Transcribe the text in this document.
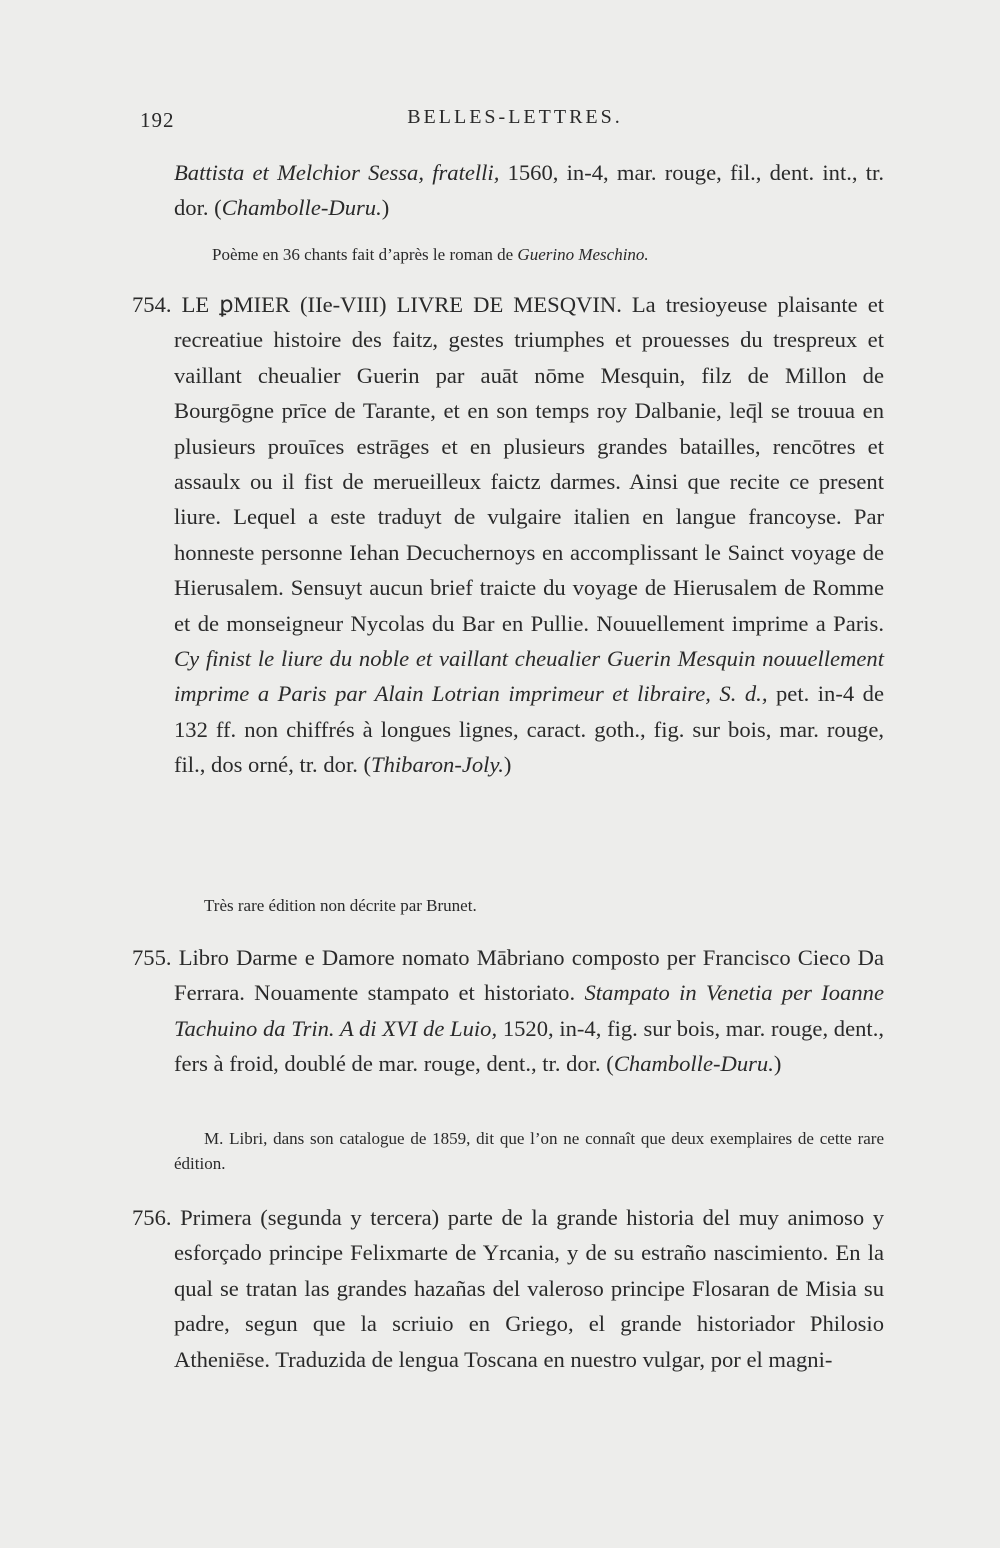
192	BELLES-LETTRES.
Battista et Melchior Sessa, fratelli, 1560, in-4, mar. rouge, fil., dent. int., tr. dor. (Chambolle-Duru.)
Poème en 36 chants fait d’après le roman de Guerino Meschino.
754. LE ꝑMIER (IIe-VIII) LIVRE DE MESQVIN. La tresioyeuse plaisante et recreatiue histoire des faitz, gestes triumphes et prouesses du trespreux et vaillant cheualier Guerin par auāt nōme Mesquin, filz de Millon de Bourgōgne prīce de Tarante, et en son temps roy Dalbanie, leq̄l se trouua en plusieurs prouīces estrāges et en plusieurs grandes batailles, rencōtres et assaulx ou il fist de merueilleux faictz darmes. Ainsi que recite ce present liure. Lequel a este traduyt de vulgaire italien en langue francoyse. Par honneste personne Iehan Decuchernoys en accomplissant le Sainct voyage de Hierusalem. Sensuyt aucun brief traicte du voyage de Hierusalem de Romme et de monseigneur Nycolas du Bar en Pullie. Nouuellement imprime a Paris. Cy finist le liure du noble et vaillant cheualier Guerin Mesquin nouuellement imprime a Paris par Alain Lotrian imprimeur et libraire, S. d., pet. in-4 de 132 ff. non chiffrés à longues lignes, caract. goth., fig. sur bois, mar. rouge, fil., dos orné, tr. dor. (Thibaron-Joly.)
Très rare édition non décrite par Brunet.
755. Libro Darme e Damore nomato Mābriano composto per Francisco Cieco Da Ferrara. Nouamente stampato et historiato. Stampato in Venetia per Ioanne Tachuino da Trin. A di XVI de Luio, 1520, in-4, fig. sur bois, mar. rouge, dent., fers à froid, doublé de mar. rouge, dent., tr. dor. (Chambolle-Duru.)
M. Libri, dans son catalogue de 1859, dit que l’on ne connaît que deux exemplaires de cette rare édition.
756. Primera (segunda y tercera) parte de la grande historia del muy animoso y esforçado principe Felixmarte de Yrcania, y de su estraño nascimiento. En la qual se tratan las grandes hazañas del valeroso principe Flosaran de Misia su padre, segun que la scriuio en Griego, el grande historiador Philosio Atheniēse. Traduzida de lengua Toscana en nuestro vulgar, por el magni-
